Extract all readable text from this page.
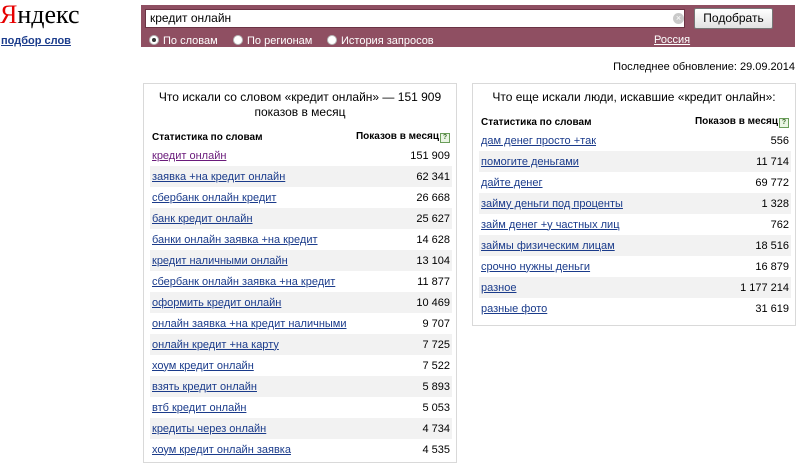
Яндекс
подбор слов
кредит онлайн	×	Подобрать
По словам	По регионам	История запросов	Россия
Последнее обновление: 29.09.2014
Что искали со словом «кредит онлайн» — 151 909 показов в месяц
Статистика по словам	Показов в месяц ?
кредит онлайн	151 909
заявка +на кредит онлайн	62 341
сбербанк онлайн кредит	26 668
банк кредит онлайн	25 627
банки онлайн заявка +на кредит	14 628
кредит наличными онлайн	13 104
сбербанк онлайн заявка +на кредит	11 877
оформить кредит онлайн	10 469
онлайн заявка +на кредит наличными	9 707
онлайн кредит +на карту	7 725
хоум кредит онлайн	7 522
взять кредит онлайн	5 893
втб кредит онлайн	5 053
кредиты через онлайн	4 734
хоум кредит онлайн заявка	4 535
Что еще искали люди, искавшие «кредит онлайн»:
Статистика по словам	Показов в месяц ?
дам денег просто +так	556
помогите деньгами	11 714
дайте денег	69 772
займу деньги под проценты	1 328
займ денег +у частных лиц	762
займы физическим лицам	18 516
срочно нужны деньги	16 879
разное	1 177 214
разные фото	31 619
